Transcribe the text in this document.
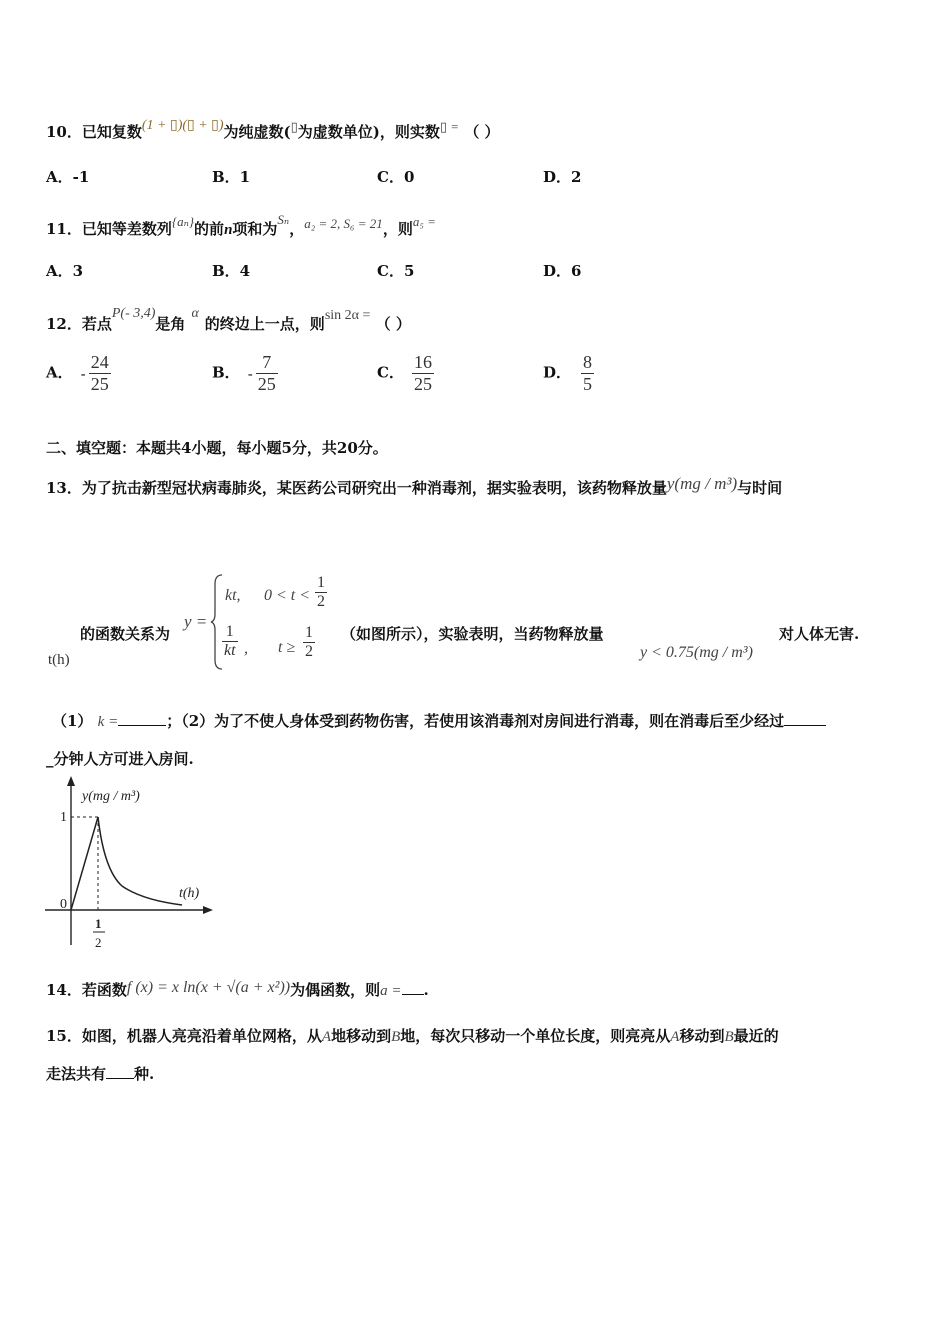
10．已知复数(1 + ▯)(▯ + ▯)为纯虚数(▯为虚数单位)，则实数▯ = （ ）
A．-1	B．1	C．0	D．2
11．已知等差数列{aₙ}的前n项和为Sₙ，a₂ = 2, S₆ = 21，则a₅ =
A．3	B．4	C．5	D．6
12．若点P(- 3,4)是角α的终边上一点，则sin 2α = （ ）
A． - $\frac{24}{25}$	B． - $\frac{7}{25}$	C． $\frac{16}{25}$	D． $\frac{8}{5}$
二、填空题：本题共4小题，每小题5分，共20分。
13．为了抗击新型冠状病毒肺炎，某医药公司研究出一种消毒剂，据实验表明，该药物释放量y(mg / m³)与时间
的函数关系为
y =
kt, $0 < t < \frac{1}{2}$
$\frac{1}{kt}$ , $t \ge \frac{1}{2}$ （如图所示），实验表明，当药物释放量	对人体无害.
y < 0.75(mg / m³)
t(h)
（1） k =	；（2）为了不使人身体受到药物伤害，若使用该消毒剂对房间进行消毒，则在消毒后至少经过
_分钟人方可进入房间.
y(mg / m³)
1
0
t(h)
1
2
14．若函数f (x) = x ln(x + √(a + x²))为偶函数，则a = .
15．如图，机器人亮亮沿着单位网格，从A地移动到B地，每次只移动一个单位长度，则亮亮从A移动到B最近的
走法共有 种.
